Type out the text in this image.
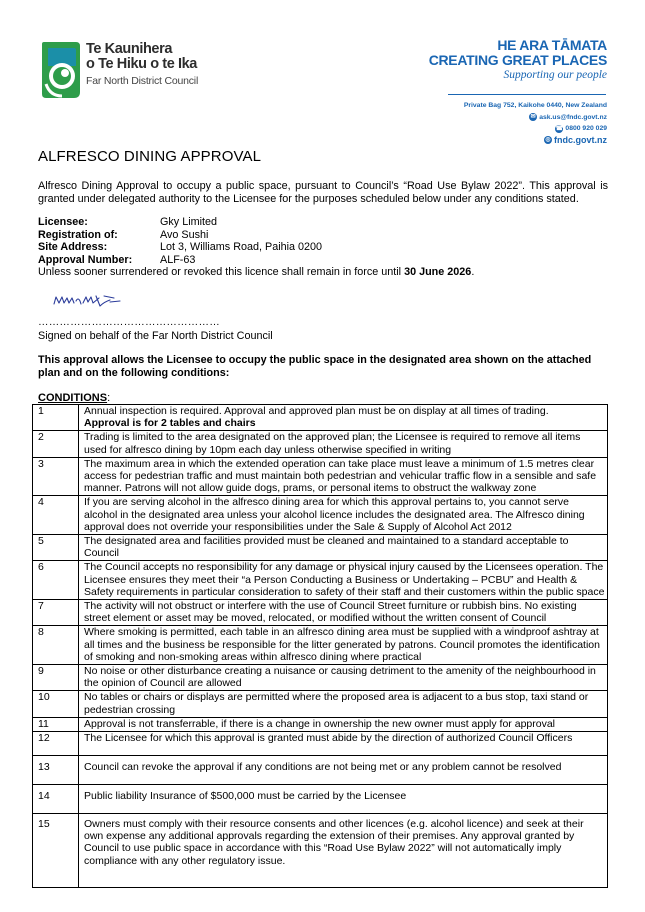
Te Kaunihera
o Te Hiku o te Ika
Far North District Council
HE ARA TĀMATA
CREATING GREAT PLACES
Supporting our people
Private Bag 752, Kaikohe 0440, New Zealand
✉ ask.us@fndc.govt.nz
☎ 0800 920 029
◎ fndc.govt.nz
ALFRESCO DINING APPROVAL
Alfresco Dining Approval to occupy a public space, pursuant to Council’s “Road Use Bylaw 2022”. This approval is granted under delegated authority to the Licensee for the purposes scheduled below under any conditions stated.
Licensee:	Gky Limited
Registration of:	Avo Sushi
Site Address:	Lot 3, Williams Road, Paihia 0200
Approval Number:	ALF-63
Unless sooner surrendered or revoked this licence shall remain in force until 30 June 2026.
……………………………………………
Signed on behalf of the Far North District Council
This approval allows the Licensee to occupy the public space in the designated area shown on the attached plan and on the following conditions:
CONDITIONS:
1	Annual inspection is required. Approval and approved plan must be on display at all times of trading.
Approval is for 2 tables and chairs

2	Trading is limited to the area designated on the approved plan; the Licensee is required to remove all items used for alfresco dining by 10pm each day unless otherwise specified in writing
3	The maximum area in which the extended operation can take place must leave a minimum of 1.5 metres clear access for pedestrian traffic and must maintain both pedestrian and vehicular traffic flow in a sensible and safe manner. Patrons will not allow guide dogs, prams, or personal items to obstruct the walkway zone
4	If you are serving alcohol in the alfresco dining area for which this approval pertains to, you cannot serve alcohol in the designated area unless your alcohol licence includes the designated area. The Alfresco dining approval does not override your responsibilities under the Sale & Supply of Alcohol Act 2012
5	The designated area and facilities provided must be cleaned and maintained to a standard acceptable to Council
6	The Council accepts no responsibility for any damage or physical injury caused by the Licensees operation. The Licensee ensures they meet their “a Person Conducting a Business or Undertaking – PCBU” and Health & Safety requirements in particular consideration to safety of their staff and their customers within the public space
7	The activity will not obstruct or interfere with the use of Council Street furniture or rubbish bins. No existing street element or asset may be moved, relocated, or modified without the written consent of Council
8	Where smoking is permitted, each table in an alfresco dining area must be supplied with a windproof ashtray at all times and the business be responsible for the litter generated by patrons. Council promotes the identification of smoking and non-smoking areas within alfresco dining where practical
9	No noise or other disturbance creating a nuisance or causing detriment to the amenity of the neighbourhood in the opinion of Council are allowed
10	No tables or chairs or displays are permitted where the proposed area is adjacent to a bus stop, taxi stand or pedestrian crossing
11	Approval is not transferrable, if there is a change in ownership the new owner must apply for approval
12	The Licensee for which this approval is granted must abide by the direction of authorized Council Officers
13	Council can revoke the approval if any conditions are not being met or any problem cannot be resolved
14	Public liability Insurance of $500,000 must be carried by the Licensee
15	Owners must comply with their resource consents and other licences (e.g. alcohol licence) and seek at their own expense any additional approvals regarding the extension of their premises. Any approval granted by Council to use public space in accordance with this “Road Use Bylaw 2022” will not automatically imply compliance with any other regulatory issue.
